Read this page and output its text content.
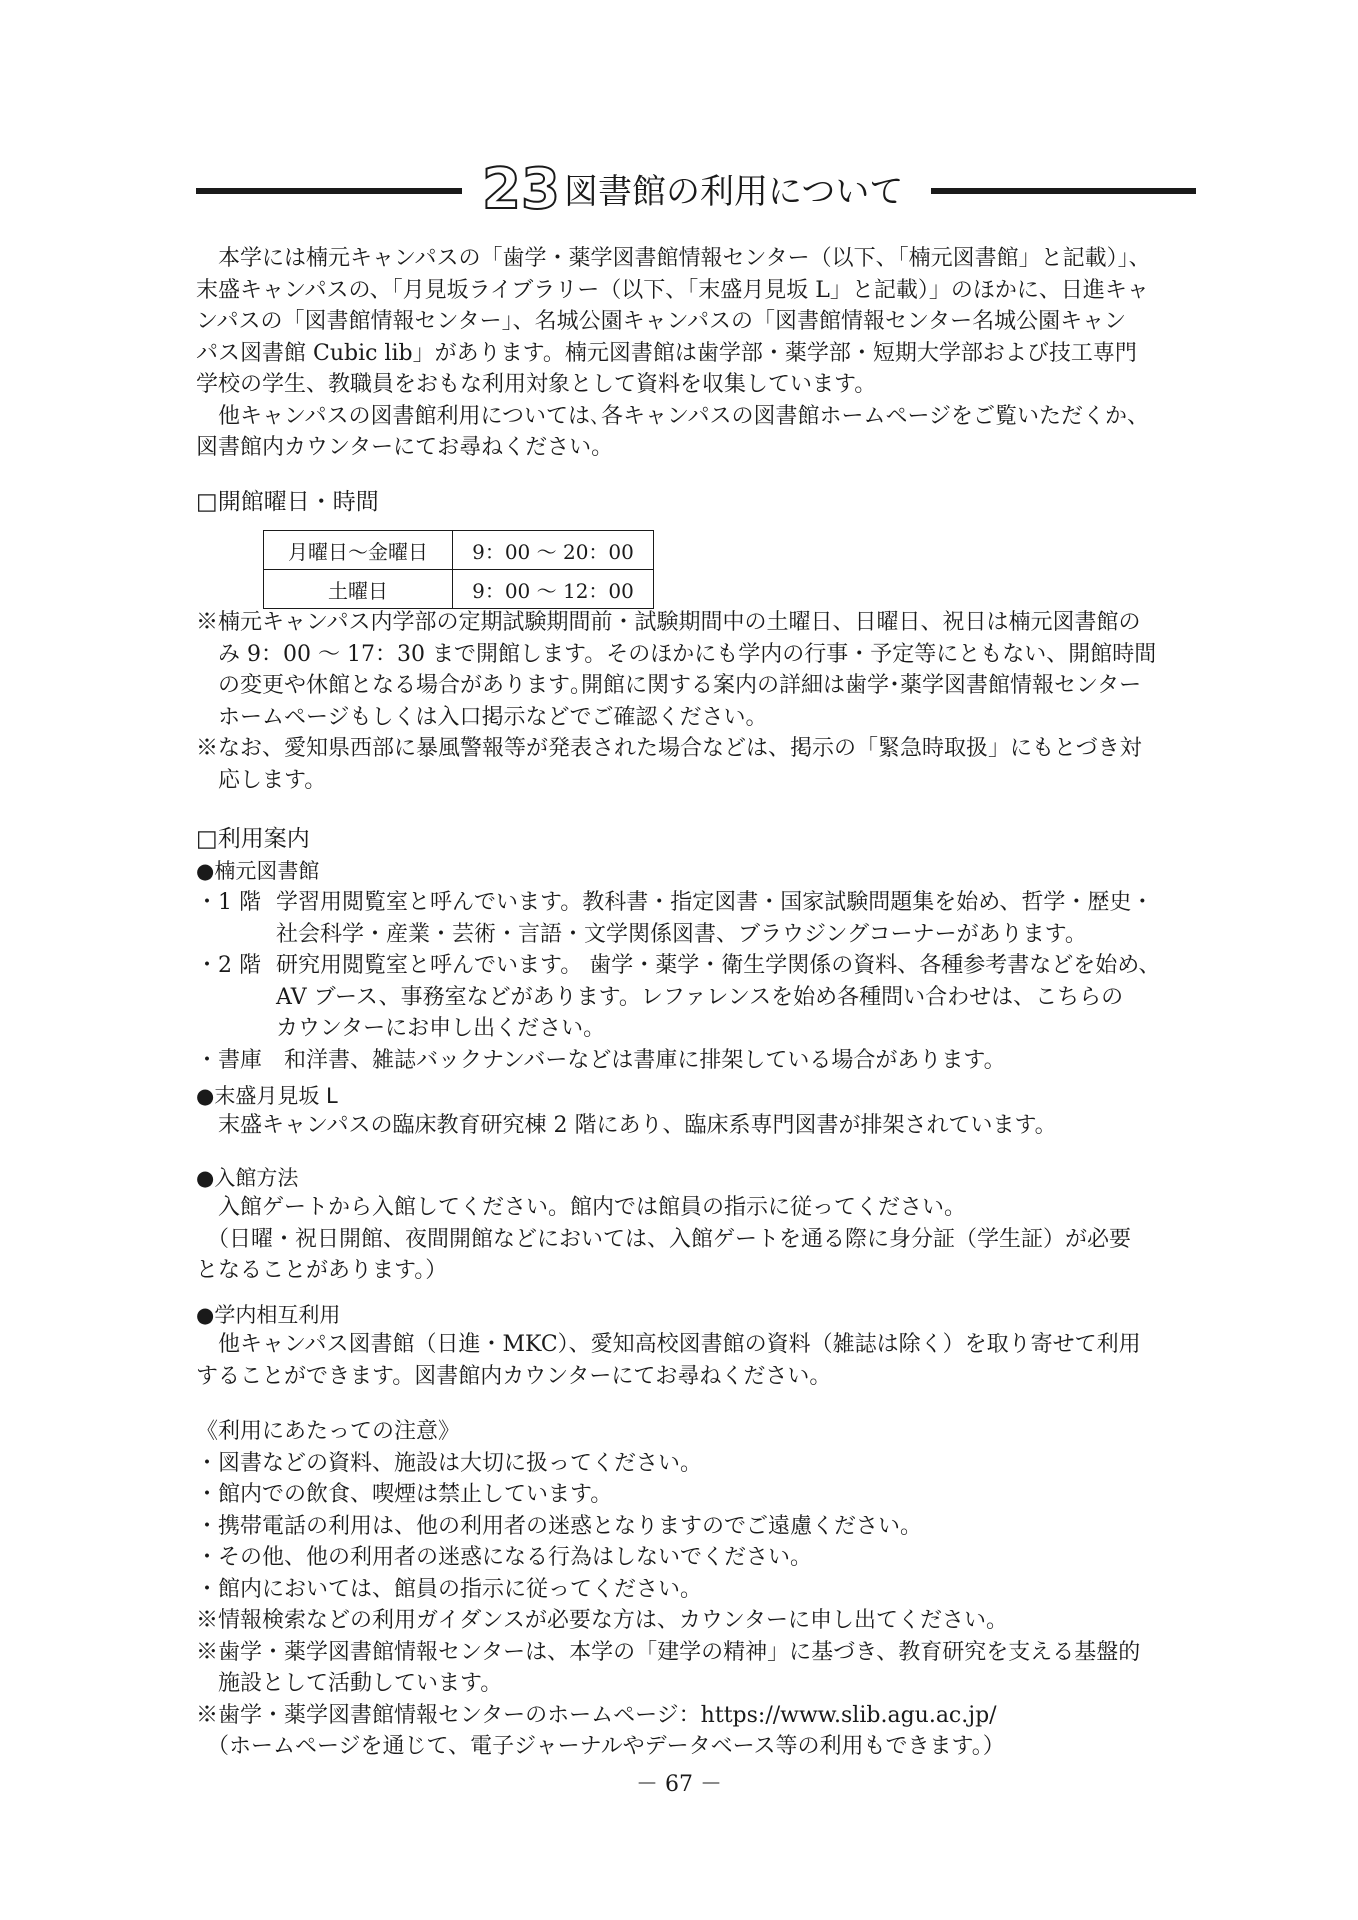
23 図書館の利用について
　本学には楠元キャンパスの「歯学・薬学図書館情報センター（以下、「楠元図書館」と記載）」、
末盛キャンパスの、「月見坂ライブラリー（以下、「末盛月見坂 L」と記載）」のほかに、日進キャ
ンパスの「図書館情報センター」、名城公園キャンパスの「図書館情報センター名城公園キャン
パス図書館 Cubic lib」があります。楠元図書館は歯学部・薬学部・短期大学部および技工専門
学校の学生、教職員をおもな利用対象として資料を収集しています。
　他キャンパスの図書館利用については､各キャンパスの図書館ホームページをご覧いただくか、
図書館内カウンターにてお尋ねください。
□開館曜日・時間
月曜日～金曜日	9：00 ～ 20：00
土曜日	9：00 ～ 12：00
※楠元キャンパス内学部の定期試験期間前・試験期間中の土曜日、日曜日、祝日は楠元図書館の
　み 9：00 ～ 17：30 まで開館します。そのほかにも学内の行事・予定等にともない、開館時間
　の変更や休館となる場合があります｡開館に関する案内の詳細は歯学･薬学図書館情報センター
　ホームページもしくは入口掲示などでご確認ください。
※なお、愛知県西部に暴風警報等が発表された場合などは、掲示の「緊急時取扱」にもとづき対
　応します。
□利用案内
●楠元図書館
・1 階 学習用閲覧室と呼んでいます。教科書・指定図書・国家試験問題集を始め、哲学・歴史・
社会科学・産業・芸術・言語・文学関係図書、ブラウジングコーナーがあります。
・2 階 研究用閲覧室と呼んでいます。 歯学・薬学・衛生学関係の資料、各種参考書などを始め、
AV ブース、事務室などがあります。レファレンスを始め各種問い合わせは、こちらの
カウンターにお申し出ください。
・書庫　和洋書、雑誌バックナンバーなどは書庫に排架している場合があります。
●末盛月見坂 L
　末盛キャンパスの臨床教育研究棟 2 階にあり、臨床系専門図書が排架されています。
●入館方法
　入館ゲートから入館してください。館内では館員の指示に従ってください。
　（日曜・祝日開館、夜間開館などにおいては、入館ゲートを通る際に身分証（学生証）が必要
となることがあります。）
●学内相互利用
　他キャンパス図書館（日進・MKC）、愛知高校図書館の資料（雑誌は除く）を取り寄せて利用
することができます。図書館内カウンターにてお尋ねください。
《利用にあたっての注意》
・図書などの資料、施設は大切に扱ってください。
・館内での飲食、喫煙は禁止しています。
・携帯電話の利用は、他の利用者の迷惑となりますのでご遠慮ください。
・その他、他の利用者の迷惑になる行為はしないでください。
・館内においては、館員の指示に従ってください。
※情報検索などの利用ガイダンスが必要な方は、カウンターに申し出てください。
※歯学・薬学図書館情報センターは、本学の「建学の精神」に基づき、教育研究を支える基盤的
　施設として活動しています。
※歯学・薬学図書館情報センターのホームページ：https://www.slib.agu.ac.jp/
　（ホームページを通じて、電子ジャーナルやデータベース等の利用もできます。）
－ 67 －
